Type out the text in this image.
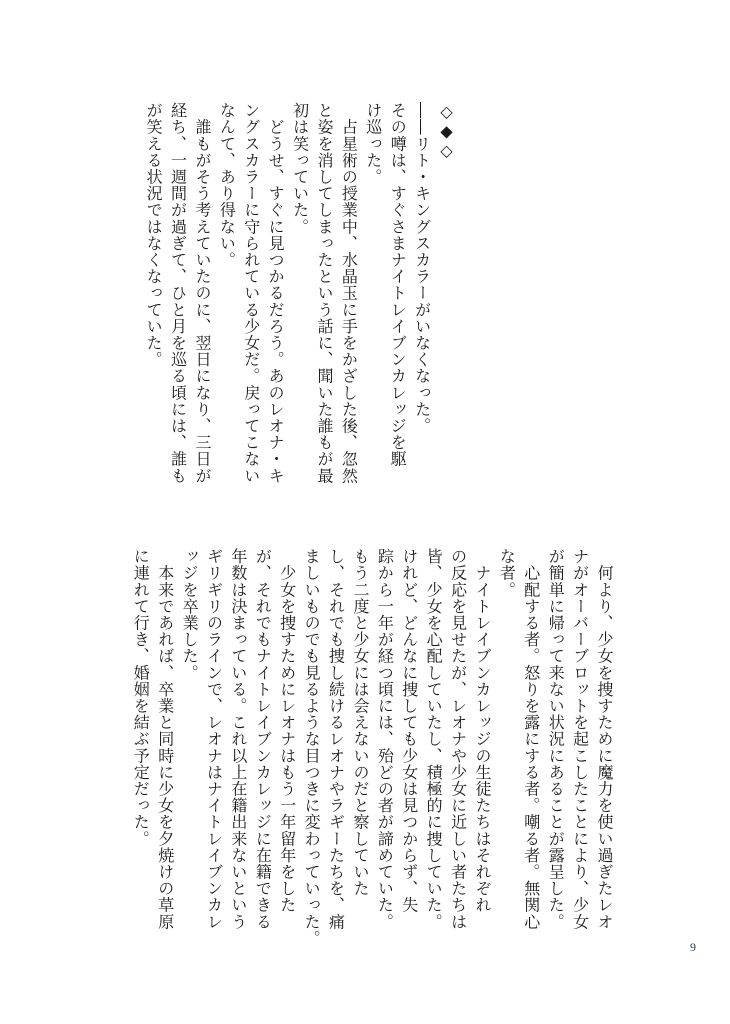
◇◆◇
――リト・キングスカラーがいなくなった。
その噂は、すぐさまナイトレイブンカレッジを駆
け巡った。
　占星術の授業中、水晶玉に手をかざした後、忽然
と姿を消してしまったという話に、聞いた誰もが最
初は笑っていた。
　どうせ、すぐに見つかるだろう。あのレオナ・キ
ングスカラーに守られている少女だ。戻ってこない
なんて、あり得ない。
　誰もがそう考えていたのに、翌日になり、三日が
経ち、一週間が過ぎて、ひと月を巡る頃には、誰も
が笑える状況ではなくなっていた。
　何より、少女を捜すために魔力を使い過ぎたレオ
ナがオーバーブロットを起こしたことにより、少女
が簡単に帰って来ない状況にあることが露呈した。
　心配する者。怒りを露にする者。嘲る者。無関心
な者。
　ナイトレイブンカレッジの生徒たちはそれぞれ
の反応を見せたが、レオナや少女に近しい者たちは
皆、少女を心配していたし、積極的に捜していた。
けれど、どんなに捜しても少女は見つからず、失
踪から一年が経つ頃には、殆どの者が諦めていた。
もう二度と少女には会えないのだと察していた
し、それでも捜し続けるレオナやラギーたちを、痛
ましいものでも見るような目つきに変わっていった。
　少女を捜すためにレオナはもう一年留年をした
が、それでもナイトレイブンカレッジに在籍できる
年数は決まっている。これ以上在籍出来ないという
ギリギリのラインで、レオナはナイトレイブンカレ
ッジを卒業した。
　本来であれば、卒業と同時に少女を夕焼けの草原
に連れて行き、婚姻を結ぶ予定だった。
9
